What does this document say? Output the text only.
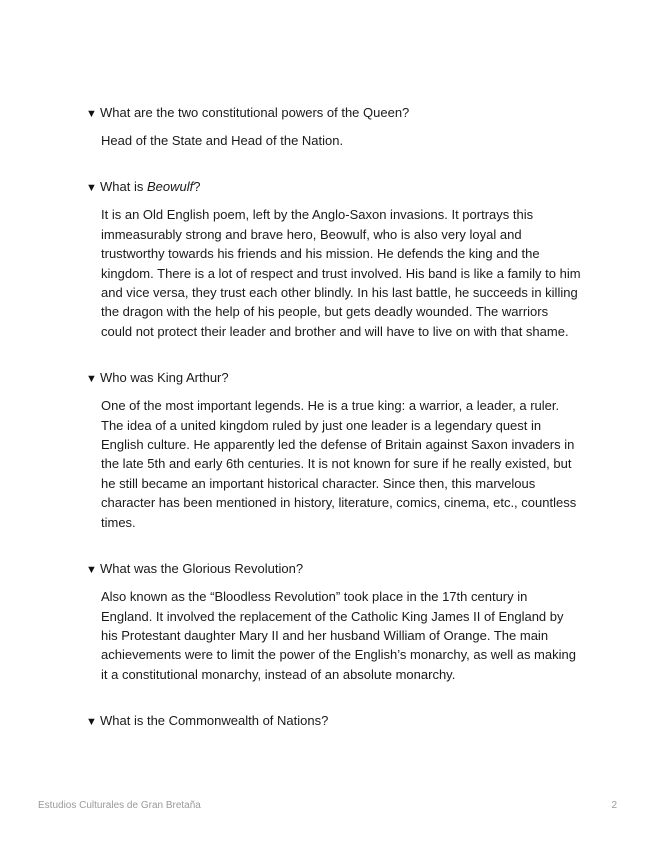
▼ What are the two constitutional powers of the Queen?
Head of the State and Head of the Nation.
▼ What is Beowulf?
It is an Old English poem, left by the Anglo-Saxon invasions. It portrays this immeasurably strong and brave hero, Beowulf, who is also very loyal and trustworthy towards his friends and his mission. He defends the king and the kingdom. There is a lot of respect and trust involved. His band is like a family to him and vice versa, they trust each other blindly. In his last battle, he succeeds in killing the dragon with the help of his people, but gets deadly wounded. The warriors could not protect their leader and brother and will have to live on with that shame.
▼ Who was King Arthur?
One of the most important legends. He is a true king: a warrior, a leader, a ruler. The idea of a united kingdom ruled by just one leader is a legendary quest in English culture. He apparently led the defense of Britain against Saxon invaders in the late 5th and early 6th centuries. It is not known for sure if he really existed, but he still became an important historical character. Since then, this marvelous character has been mentioned in history, literature, comics, cinema, etc., countless times.
▼ What was the Glorious Revolution?
Also known as the “Bloodless Revolution” took place in the 17th century in England. It involved the replacement of the Catholic King James II of England by his Protestant daughter Mary II and her husband William of Orange. The main achievements were to limit the power of the English’s monarchy, as well as making it a constitutional monarchy, instead of an absolute monarchy.
▼ What is the Commonwealth of Nations?
Estudios Culturales de Gran Bretaña	2
